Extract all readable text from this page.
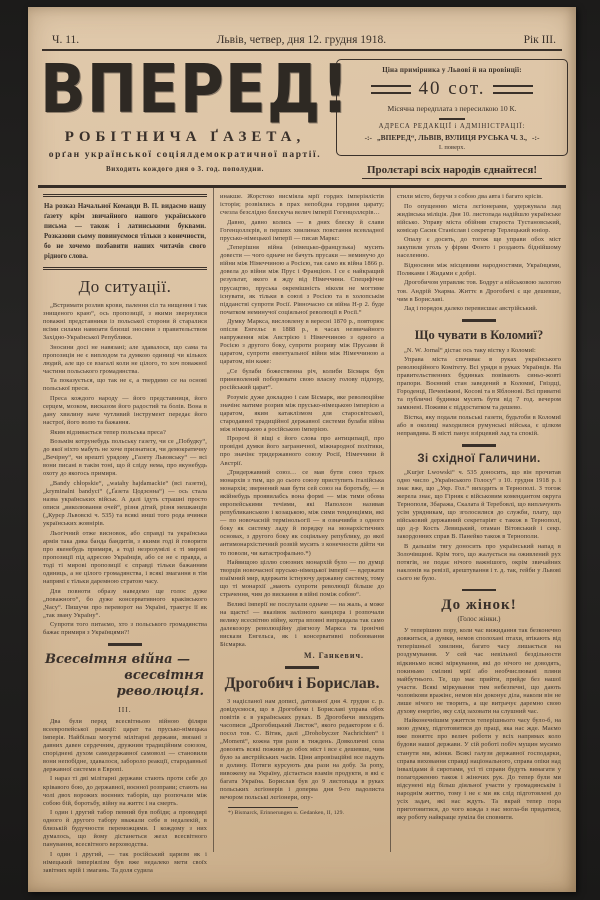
Ч. 11.	Львів, четвер, дня 12. грудня 1918.	Рік III.
ВПЕРЕД!
РОБІТНИЧА ҐАЗЕТА,
орґан української соціялдемократичної партії.
Виходить кождого дня о 3. год. пополудни.
Ціна примірника у Львові й на провінції:
40 сот.
Місячна передплата з пересилкою 10 К.
АДРЕСА РЕДАКЦІЇ і АДМІНІСТРАЦІЇ:
-:- „ВПЕРЕД“, ЛЬВІВ, ВУЛИЦЯ РУСЬКА Ч. 3., -:-
I. поверх.
Пролєтарі всіх народів єднайтеся!
На розказ Начальної Команди В. П. видаємо нашу ґазету крім звичайного нашого українського письма — також і латинськими буквами. Розказови сьому повинуємося тільки з конечности, бо не хочемо позбавити наших читачів свого рідного слова.
До ситуації.

„Встримати розлив крови, палення сіл та нищення і так знищеного краю“, ось пропозиції, з якими звернулися поважні представники із польської сторони й старалися всіми силами навязати близші зносини з правительством Західно-Української Републики.

Зносини досі не навязані; але здавалося, що сама та пропозиція не є виплодом та думкою одиниці чи кількох людий, але що се взагалі коли не цілого, то хоч поважної частини польського громадянства.

Та показується, що так не є, а твердимо се на основі польської преси.

Преса кождого народу — його представниця, його серцем, мозком, висказом його радостий та болів. Вона в дану хвилину наче чутливий інструмент передає його настрої, його волю та бажання.

Яким відзивається тепер польська преса?

Возьмім котрунебудь польську газету, чи се „Побудку“, до якої ніхто мабуть не хоче признатися, чи демократичну „Вечірну“, чи врешті урядову „Газету Львовську“ — всі вони писані в такім тоні, що й сліду нема, про якунебудь охоту до якогось примиря.

„Bandy chłopskie“, „watahy hajdamackie“ (всі газети), „kryminalni bandyci“ („Ґазета Цодзєнна“) — ось стала назва українських військ. А далі ідуть страшні просто описи „виколювання очей“, різня дітий, різня мешканців („Курєр Львовскі ч. 535) та всякі инші того рода вчинки українських жовнірів.

Льогічний отже висновок, або справді та українська армія така дика банда бандитів, з якими годі й говорити про якенебудь примиря, а тоді незрозумілі є ті мирові пропозиції під адресою Українців, або се не є правда, а тоді ті мирові пропозиції є справді тільки бажанням одиниць, а не цілого громадянства, і всякі змагання в тім напрямі є тільки даремною стратою часу.

Для повноти образу наведемо ще голос дуже „поважного“, бо дуже консервативного краківського „Часу“. Пишучи про переворот на Україні, трактує її як „так звану Україну“.

Супроти того питаємо, хто з польського громадянства бажає примиря з Українцями?!

Всесвітня війна —
всесвітня революція.
III.

Два були перед всесвітньою війною філяри всеевропейської реакції: царат та прусько-німецька імперія. Найбільш могутні мілітарні держави, звязані з давних давен сердечним, дружним традиційним союзом, споріднені духом самодержавної самоволі — становили вони непобідне, здавалося, забороло реакції, стародавньої державної системи в Европі.

І нараз ті дві мілітарні держави стають проти себе до крівавого бою, до державної, воєнної розправи; стають на чолі двох ворожих воєнних таборів, що розпочали між собою бій, боротьбу, війну на життє і на смерть.

І один і другий табор певний був побіди; а проводирі одного й другого табору вважали себе в недалекій, в близькій будучности переможцями. І кождому з них думалось, що йому дістанеться жезл всесвітного панування, всесвітного верховодства.

І один і другий, — так російський царизм як і німецький імперіялізм був вже недалеко мети своїх завітних мрій і змагань. Та доля судила

инакше. Жорстоко висміяла мрії гордих імперіялістів історія; розвіялись в прах непобідна гординя царату; счезла безслідно блескуча велич імперії Гогенцоллєрів…

Давно, давно колись — в днях блеску й слави Гогенцоллєрів, в перших хвилинах повстання всевладної прусько-німецької імперії — писав Маркс:

„Теперішня війна (німецько-французька) мусить довести — чого одначе не бачуть прусаки — неминучо до війни між Німеччиною а Росією, так само як війна 1866 р. довела до війни між Прус і Францією. І се є найкращий результат, якого я жду від Німеччини. Специфічне прусацтво, пруська окремішність ніколи не могтиме існувати, як тільки в союзі з Росією та в холопськім підданстві супроти Росії. Рівночасно ся війна Н-р 2. буде початком неминучої соціяльної революції в Росії.“

Думку Маркса, висловлену в вересні 1870 р., повторює опісля Енгельс в 1888 р., в часах незвичайного напруження між Австрією і Німеччиною з одного а Росією з другого боку, супроти розриву між Прусами й царатом, супроти евентуальної війни між Німеччиною а царатом, він каже:

„Се булаби божественна річ, колиби Бісмарк був приневолений поборювати свою власну голову підпору, російський царат“.

Розуміє дуже докладно і сам Бісмарк, яке революційне значінє матиме розрив між прусько-німецькою імперією а царатом, яким катаклізмом для старосвітської, стародавної традиційної державної системи булаби війна між німецькою а російською імперією.

Пророчі й віщі є його слова про антиципації, про провідні думки його заграничної, міжнародної політики, про значінє тридержавного союзу Росії, Німеччини й Австрії.

„Тридержавний союз… се мав бути союз трьох монархів з тим, що до сього союзу приступить італійська монархія; звернений мав бути сей союз на боротьбу, — в якійнебудь проявилабсь вона формі — між тими обома европейськими течіями, які Наполєон називав републиканською і козацькою, між сими тенденціями, які — по новочасній термінольогії — я означивби з одного боку як систему ладу й порядку на монархістичних основах, з другого боку як соціяльну републику, до якої антимонархістичний розвій мусить з конечности дійти чи то поволи, чи катастрофально.*)

Найвищою ціллю союзних монархій було — по думці творців новочасної прусько-німецької імперії — вдержати взаїмний мир, вдержати істнуючу державну систему, тому що ті монархії „мають супроти революції більше до страчення, чим до вискання в війні поміж собою“.

Великі імперії не послухали одначе — на жаль, а може на щастє! — вказівок залізного канцлєра і розпочали велику всесвітню війну, котра вповні виправдала так само далекозору революційну діягнозу Маркса та іронічні вискази Енгельса, як і консервативні побоювання Бісмарка.

М. Ганкевич.
Дрогобич і Борислав.

З надісланої нам дописі, датованої дня 4. грудня с. р. довідуємося, що в Дрогобичи і Бориславі управа обох повітів є в українських руках. В Дрогобичи виходять часописи „Дрогобицький Листок“, якого редактором є б. посол тов. С. Вітик, далі „Drohobyczer Nachrichten“ і „Moment“, кожна три рази в тиждень. Довколичні села довозять всякі поживи до обох міст і все є дешевше, чим було за австрійських часів. Ціни апровізаційні все падуть в долину. Потяги курсують два рази на добу. За ропу, вивожену на Україну, дістається взамін продукти, в які є багата Україна. Борислав був до 9 листопада в руках польських лєгіонерів і доперва дня 9-го падолиста вечором польські лєгіонери, опу-

*) Bismarck, Erinnerungen u. Gedanken, II, 129.

стили місто, беручи з собою два авта і багато крісів.

По опущенню міста лєгіонерами, удержувала лад жидівська міліція. Дня 10. листопада надійшло українське військо. Управу міста обійняв староста Тустановський, комісар Сасик Станіслав і секретар Терлецький юніор.

Опалу є досить, до тогож ще управи обох міст закупили уголь у фірми Фонто і роздають біднійшому населенню.

Відносини між місцевими народностями, Українцями, Поляками і Жидами є добрі.

Дрогобичом управляє тов. Бодруг а військовою залогою тов. Андрій Укарма. Життє в Дрогобичі є ще дешевше, чим в Бориславі.

Лад і порядок далеко перевисшає австрійський.

Що чувати в Коломиї?

„N. W. Jornal“ дістає ось таку вістку з Коломиї:

Управа міста спочиває в руках українського революційного Комітету. Всі уряди в руках Українців. На правительственних будинках повівають синьо-жовті прапори. Воєнний стан заведений в Коломиї, Гвіздці, Городенці, Печеніжині, Косові та в Яблонові. Всі приватні та публичні будинки мусять бути від 7 год. вечером замкнені. Поживи є піддостатком та дешево.

Вістка, яку подали польські газети, будьтоби в Коломиї або в околиці находилися румунські війська, є цілком неправдива. В місті панує взірцевий лад та спокій.

Зі східної Галичини.

„Kurjer Lwowski“ ч. 535 доносить, що він прочитав одно число „Українського Голосу“ з 10. грудня 1918 р. і знає вже, що „Укр. Гол.“ виходить в Тернополі. З тогож жерела знає, що Гірняк є військовим комендантом округа Тернополя, Збаража, Скалата й Теребовлі, що виплачують усім урядникам, що зголосилися до служби, плату, що військовий державний секретаріят є також в Тернополі, що д-р Кость Левицький, отаман Вітовський і секр. закордонних справ В. Панейко також в Тернополи.

В дальшім тягу доносить про український напад в Золочівщині. Крім того, що жалується на оживлений рух потягів, не подає нічого важнішого, окрім звичайних наклонів на ревізії, арештування і т. д. так, гейби у Львові сього не було.

До жінок!
(Голос жінки.)

У теперішню пору, коли час вижидання так безконечно довжиться, а думки, немов сполохані птахи, втікають від теперішньої хвилини, багато часу лишається на роздумування. У сей час невільної бездільности відкиньмо всякі міркування, які до нічого не доводять, покиньмо сміливі мрії або необчислювані пляни майбутнього. Те, що має прийти, прийде без нашої участи. Всякі міркування тим небезпечні, що дають чоловікови вражінє, немов він доконує діла, наколи він не лише нічого не творить, а ще витрачує даремно свою духову енергію, яку слід заховати на слушний час.

Найконечнішим ужиттєм теперішнього часу було-б, на мою думку, підготовитися до праці, яка нас жде. Маємо вже поняттє про велич роботи у всіх напрямах коло будови нашої держави. У сій роботі побіч мущин мусимо станути ми, жінки. Всякі галузи державної господарки, справа виховання справді національного, справа опіки над інвалідами й сиротами, усі ті справи будуть вимагати у полагодженню також і жіночих рук. До тепер були ми відсунені від більш діяльної участи у громадянськім і народнім життю, тому і не є ми як слід підготовлені до усіх задач, які нас ждуть. Та вкрай тепер пора приготовитися, до чого кожда з нас могла-би придатися, яку роботу найкраще зуміла би сповнити.
